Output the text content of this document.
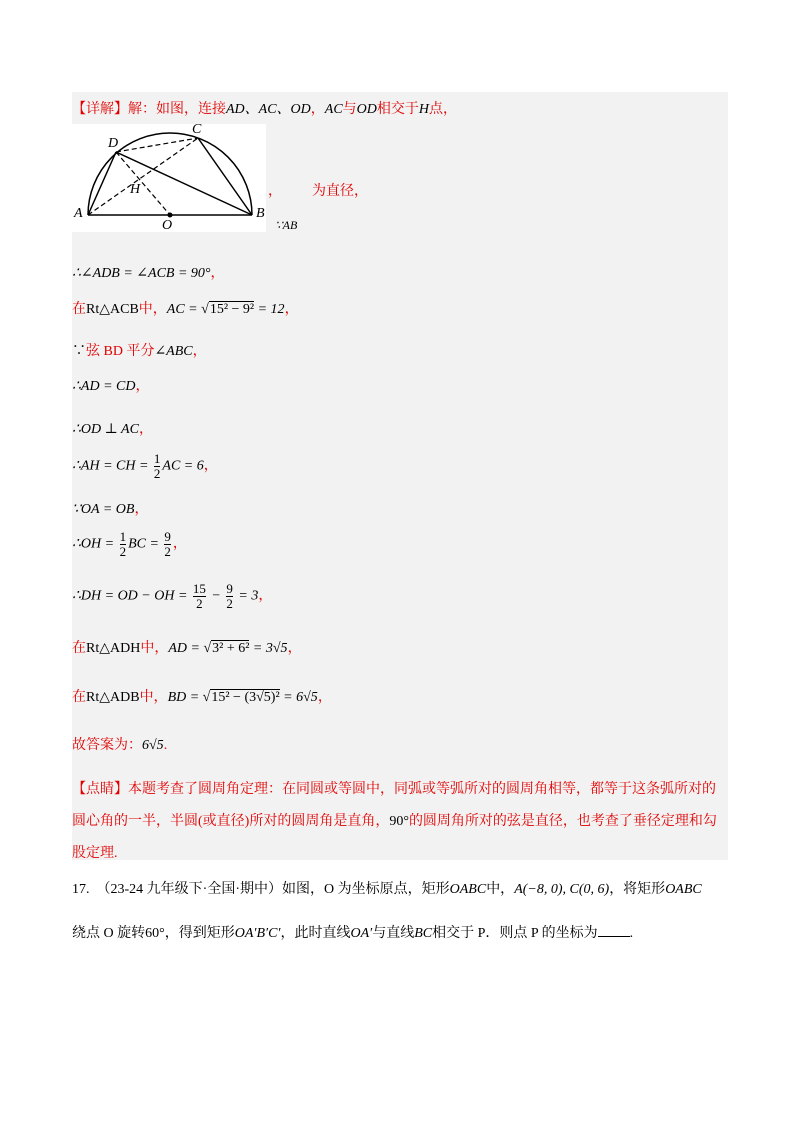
【详解】解：如图，连接AD、AC、OD，AC与OD相交于H点，
D
C
H
A
O
B
， 为直径，
∵AB
∴∠ADB = ∠ACB = 90°，
在Rt△ACB中，AC = √15² − 9² = 12，
∵弦 BD 平分∠ABC，
∴AD = CD，
∴OD ⊥ AC，
∴AH = CH = $\frac{1}{2}$ AC = 6，
∵OA = OB，
∴OH = $\frac{1}{2}$ BC = $\frac{9}{2}$ ，
∴DH = OD − OH = $\frac{15}{2} - \frac{9}{2} = 3$，
在Rt△ADH中，AD = √3² + 6² = 3√5，
在Rt△ADB中，BD = √15² − (3√5)² = 6√5，
故答案为：6√5.
【点睛】本题考查了圆周角定理：在同圆或等圆中，同弧或等弧所对的圆周角相等，都等于这条弧所对的
圆心角的一半，半圆(或直径)所对的圆周角是直角，90°的圆周角所对的弦是直径，也考查了垂径定理和勾
股定理.
17. （23-24 九年级下·全国·期中）如图，O 为坐标原点，矩形OABC中，A(−8, 0), C(0, 6)，将矩形OABC
绕点 O 旋转60°，得到矩形OA′B′C′，此时直线OA′与直线BC相交于 P．则点 P 的坐标为 .
